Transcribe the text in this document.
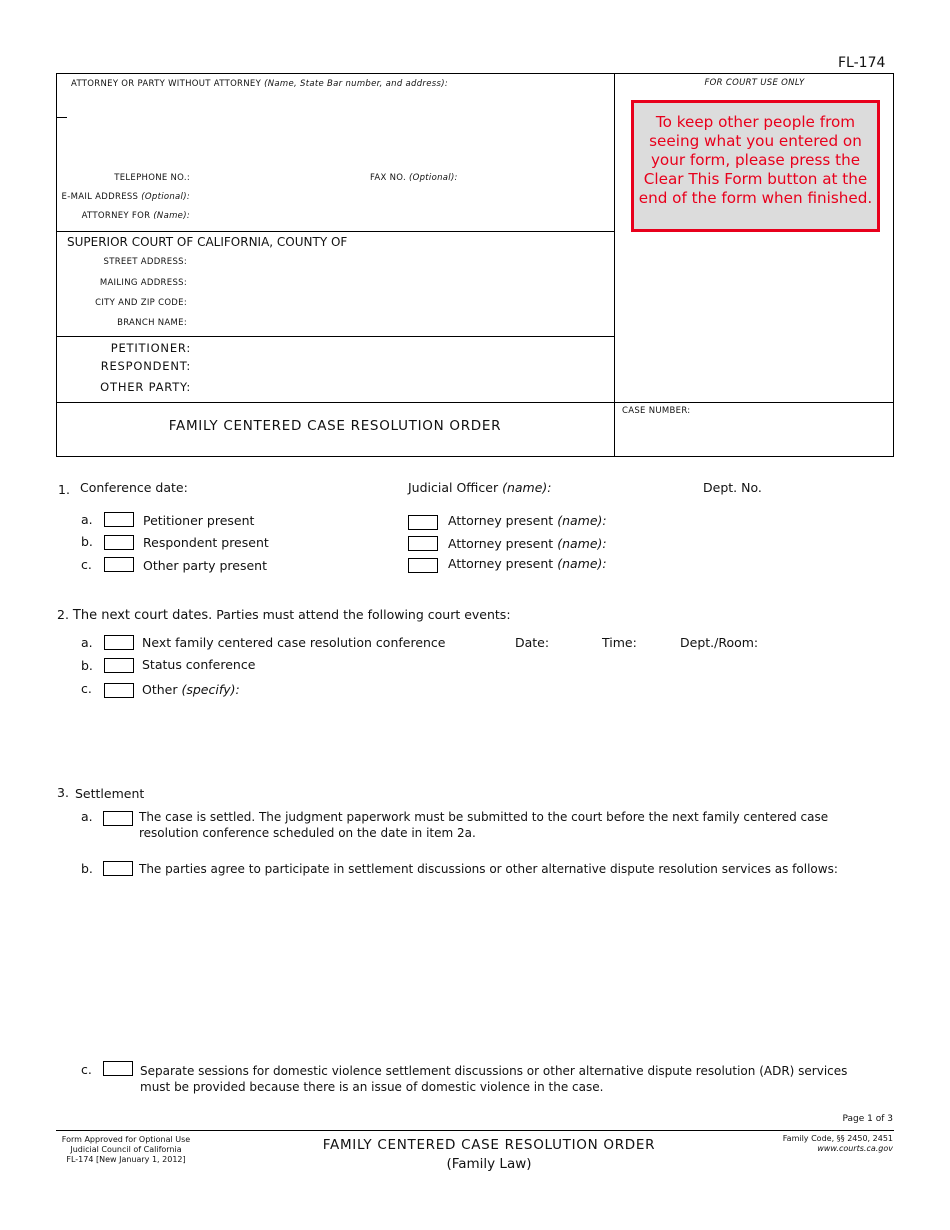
FL-174
ATTORNEY OR PARTY WITHOUT ATTORNEY (Name, State Bar number, and address):
TELEPHONE NO.:	FAX NO. (Optional):
E-MAIL ADDRESS (Optional):
ATTORNEY FOR (Name):
FOR COURT USE ONLY
To keep other people from seeing what you entered on your form, please press the Clear This Form button at the end of the form when finished.
SUPERIOR COURT OF CALIFORNIA, COUNTY OF
STREET ADDRESS:
MAILING ADDRESS:
CITY AND ZIP CODE:
BRANCH NAME:
PETITIONER:
RESPONDENT:
OTHER PARTY:
FAMILY CENTERED CASE RESOLUTION ORDER
CASE NUMBER:
1. Conference date:	Judicial Officer (name):	Dept. No.
a.	Petitioner present	Attorney present (name):
b.	Respondent present	Attorney present (name):
c.	Other party present	Attorney present (name):
2. The next court dates. Parties must attend the following court events:
a.	Next family centered case resolution conference	Date:	Time:	Dept./Room:
b.	Status conference
c.	Other (specify):
3. Settlement
a.	The case is settled. The judgment paperwork must be submitted to the court before the next family centered case
resolution conference scheduled on the date in item 2a.
b.	The parties agree to participate in settlement discussions or other alternative dispute resolution services as follows:
c.	Separate sessions for domestic violence settlement discussions or other alternative dispute resolution (ADR) services
must be provided because there is an issue of domestic violence in the case.
Page 1 of 3
Form Approved for Optional Use
Judicial Council of California
FL-174 [New January 1, 2012]
FAMILY CENTERED CASE RESOLUTION ORDER
(Family Law)
Family Code, §§ 2450, 2451
www.courts.ca.gov
